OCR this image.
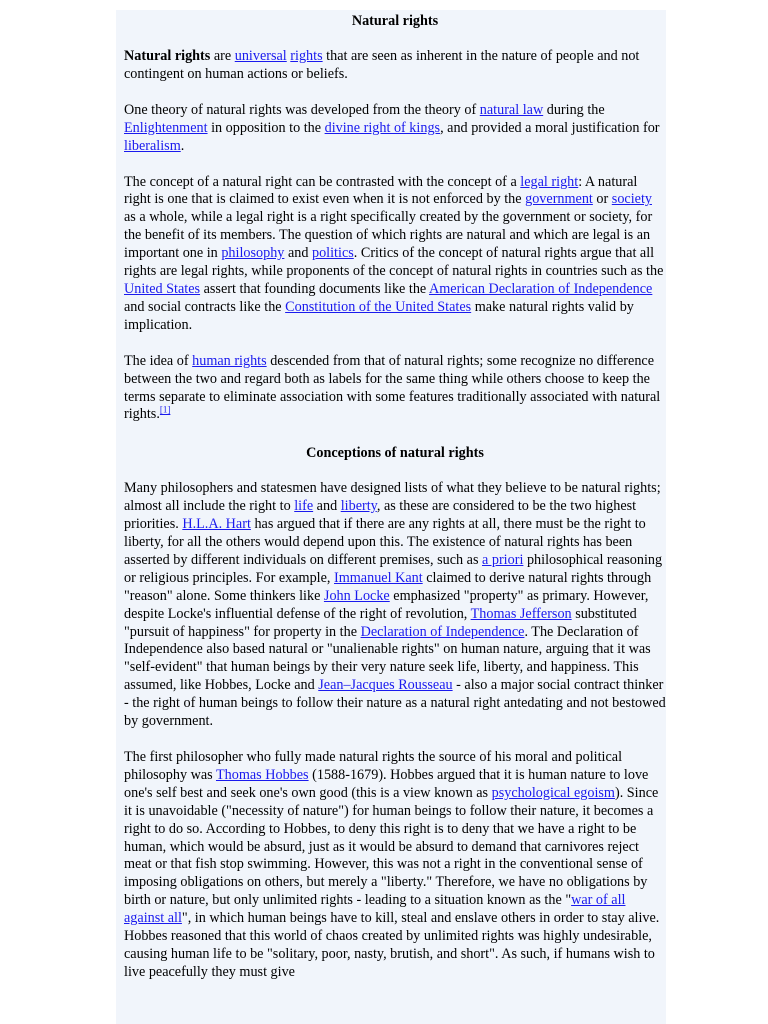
Natural rights

Natural rights are universal rights that are seen as inherent in the nature of people and not contingent on human actions or beliefs.

One theory of natural rights was developed from the theory of natural law during the Enlightenment in opposition to the divine right of kings, and provided a moral justification for liberalism.

The concept of a natural right can be contrasted with the concept of a legal right: A natural right is one that is claimed to exist even when it is not enforced by the government or society as a whole, while a legal right is a right specifically created by the government or society, for the benefit of its members. The question of which rights are natural and which are legal is an important one in philosophy and politics. Critics of the concept of natural rights argue that all rights are legal rights, while proponents of the concept of natural rights in countries such as the United States assert that founding documents like the American Declaration of Independence and social contracts like the Constitution of the United States make natural rights valid by implication.

The idea of human rights descended from that of natural rights; some recognize no difference between the two and regard both as labels for the same thing while others choose to keep the terms separate to eliminate association with some features traditionally associated with natural rights.[1]

Conceptions of natural rights

Many philosophers and statesmen have designed lists of what they believe to be natural rights; almost all include the right to life and liberty, as these are considered to be the two highest priorities. H.L.A. Hart has argued that if there are any rights at all, there must be the right to liberty, for all the others would depend upon this. The existence of natural rights has been asserted by different individuals on different premises, such as a priori philosophical reasoning or religious principles. For example, Immanuel Kant claimed to derive natural rights through "reason" alone. Some thinkers like John Locke emphasized "property" as primary. However, despite Locke's influential defense of the right of revolution, Thomas Jefferson substituted "pursuit of happiness" for property in the Declaration of Independence. The Declaration of Independence also based natural or "unalienable rights" on human nature, arguing that it was "self-evident" that human beings by their very nature seek life, liberty, and happiness. This assumed, like Hobbes, Locke and Jean–Jacques Rousseau - also a major social contract thinker - the right of human beings to follow their nature as a natural right antedating and not bestowed by government.

The first philosopher who fully made natural rights the source of his moral and political philosophy was Thomas Hobbes (1588-1679). Hobbes argued that it is human nature to love one's self best and seek one's own good (this is a view known as psychological egoism). Since it is unavoidable ("necessity of nature") for human beings to follow their nature, it becomes a right to do so. According to Hobbes, to deny this right is to deny that we have a right to be human, which would be absurd, just as it would be absurd to demand that carnivores reject meat or that fish stop swimming. However, this was not a right in the conventional sense of imposing obligations on others, but merely a "liberty." Therefore, we have no obligations by birth or nature, but only unlimited rights - leading to a situation known as the "war of all against all", in which human beings have to kill, steal and enslave others in order to stay alive. Hobbes reasoned that this world of chaos created by unlimited rights was highly undesirable, causing human life to be "solitary, poor, nasty, brutish, and short". As such, if humans wish to live peacefully they must give
